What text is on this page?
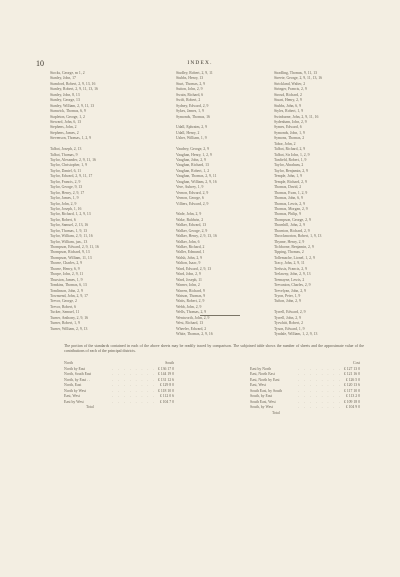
10	INDEX.
Stocks, George, m 1, 2
Stanley, John, 17
Stamford, Robert, 2, 9, 13, 16
Stanley, Robert, 2, 9, 11, 13, 16
Stanley, John, 8, 13
Stanley, George, 13
Stanley, William, 2, 9, 11, 13
Stanwick, Thomas, 6, 9
Stapleton, George, 1, 2
Steward, John, 6, 13
Stephens, John, 2
Stephens, James, 2
Stevenson, Thomas, 1, 2, 9
Talbot, Joseph, 2, 13
Talbot, Thomas, 9
Taylor, Alexander, 2, 9, 11, 16
Taylor, Christopher, 1, 9
Taylor, Daniel, 6, 11
Taylor, Edward, 2, 9, 11, 17
Taylor, Francis, 2, 9
Taylor, George, 9, 13
Taylor, Henry, 2, 9, 17
Taylor, James, 1, 9
Taylor, John, 2, 9
Taylor, Joseph, 1, 16
Taylor, Richard, 1, 2, 9, 13
Taylor, Robert, 6
Taylor, Samuel, 2, 13, 16
Taylor, Thomas, 1, 9, 13
Taylor, William, 2, 9, 11, 16
Taylor, William, jun., 13
Thompson, Edward, 2, 9, 11, 16
Thompson, Richard, 9, 13
Thompson, William, 11, 13
Thorne, Charles, 2, 9
Thorne, Henry, 6, 9
Thorpe, John, 2, 9, 11
Thurston, James, 1, 9
Tomkins, Thomas, 6, 13
Tomlinson, John, 2, 9
Townsend, John, 2, 9, 17
Trevor, George, 2
Trevor, Robert, 6
Tucker, Samuel, 11
Turner, Anthony, 2, 9, 16
Turner, Robert, 1, 9
Turner, William, 2, 9, 13
Studley, Robert, 2, 9, 11
Stubbs, Henry, 13
Sturt, Thomas, 2, 9
Sutton, John, 2, 9
Swain, Richard, 6
Swift, Robert, 2
Sydney, Edward, 2, 9
Sykes, James, 1, 9
Symonds, Thomas, 16
Udall, Ephraim, 2, 9
Udall, Henry, 2
Usher, William, 1, 9
Vaudrey, George, 2, 9
Vaughan, Henry, 1, 2, 9
Vaughan, John, 2, 9
Vaughan, Richard, 13
Vaughan, Robert, 1, 2
Vaughan, Thomas, 2, 9, 11
Vaughan, William, 2, 9, 16
Vere, Aubrey, 1, 9
Vernon, Edward, 2, 9
Vernon, George, 6
Villiers, Edward, 2, 9
Wade, John, 2, 9
Wake, Baldwin, 2
Walker, Edward, 13
Walker, George, 2, 9
Walker, Henry, 2, 9, 13, 16
Walker, John, 6
Walker, Richard, 2
Waller, Edmund, 1
Walsh, John, 2, 9
Walton, Isaac, 9
Ward, Edward, 2, 9, 13
Ward, John, 2, 9
Ward, Joseph, 11
Warner, John, 2
Warren, Richard, 9
Watson, Thomas, 9
Watts, Robert, 2, 9
Webb, John, 2, 9
Wells, Thomas, 2, 9
Wentworth, John, 2, 9
West, Richard, 13
Wheeler, Edward, 2
White, Thomas, 2, 9, 16
Stradling, Thomas, 9, 11, 13
Streete, George, 2, 9, 11, 13, 16
Strickland, Walter, 2
Stringer, Francis, 2, 9
Stroud, Richard, 2
Stuart, Henry, 2, 9
Stubbs, John, 6, 9
Styles, Robert, 1, 9
Swinburne, John, 2, 9, 11, 16
Sydenham, John, 2, 9
Symes, Edward, 6
Symonds, John, 1, 9
Symons, Thomas, 2
Tabor, John, 2
Talbot, Richard, 2, 9
Talbot, Sir John, 1, 2, 9
Tanfield, Robert, 1, 9
Taylor, Abraham, 2
Taylor, Benjamin, 2, 9
Temple, John, 1, 9
Temple, Richard, 2, 9
Thomas, David, 2
Thomas, Evan, 1, 2, 9
Thomas, John, 6, 9
Thomas, Lewis, 2, 9
Thomas, Morgan, 2, 9
Thomas, Philip, 9
Thompson, George, 2, 9
Thornhill, John, 2, 9
Thornton, Richard, 2, 9
Throckmorton, Robert, 1, 9, 13
Thynne, Henry, 2, 9
Tichborne, Benjamin, 2, 9
Tipping, Thomas, 2
Tollemache, Lionel, 1, 2, 9
Tracy, John, 2, 9, 11
Trefusis, Francis, 2, 9
Trelawny, John, 2, 9, 13
Tremayne, Lewis, 2
Trevanion, Charles, 2, 9
Trevelyan, John, 2, 9
Tryon, Peter, 1, 9
Tufton, John, 2, 9
Tyrrell, Edward, 2, 9
Tyrrell, John, 2, 9
Tyrwhitt, Robert, 2
Tyson, Edward, 1, 9
Tyndale, William, 1, 2, 9, 13
The portion of the standards contained in each of the above sheets may be readily traced by comparison. The subjoined table shows the number of sheets and the approximate value of the contributions of each of the principal districts.
North	South
North by East	. . . . . . . . £ 136 17 0
North, South East	. . . . . . . . £ 144 19 0
North, by East . .	. . . . . . . . £ 131 12 6
North, East	. . . . . . . . £ 129 8 0
North by West	. . . . . . . . £ 118 10 0
East, West	. . . . . . . . £ 112 0 6
East by West	. . . . . . . . £ 104 7 0
Total
Cost
East by North	. . . . . . . . £ 127 13 0
East, North East	. . . . . . . . £ 121 16 0
East, North by East	. . . . . . . . £ 126 5 0
East, West	. . . . . . . . £ 120 13 6
South East, by South	. . . . . . . . £ 117 10 0
South, by East	. . . . . . . . £ 113 2 0
South East, West	. . . . . . . . £ 109 18 0
South, by West	. . . . . . . . £ 104 9 0
Total
